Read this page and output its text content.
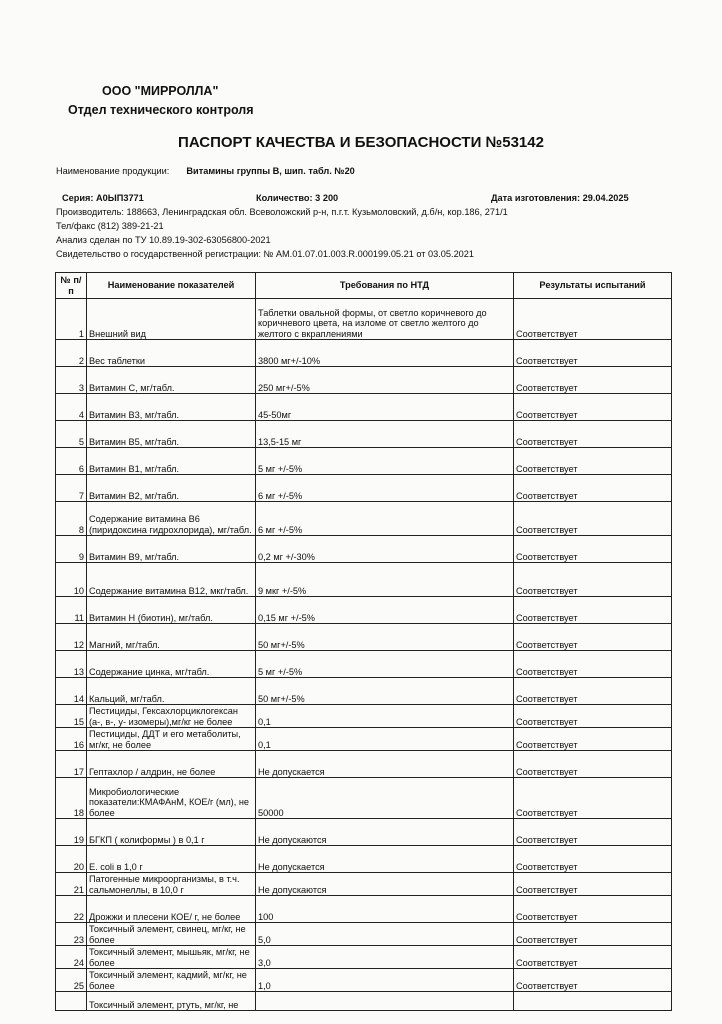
ООО "МИРРОЛЛА"
Отдел технического контроля
ПАСПОРТ КАЧЕСТВА И БЕЗОПАСНОСТИ №53142
Наименование продукции: Витамины группы В, шип. табл. №20
Серия: А0ЫП3771	Количество: 3 200	Дата изготовления: 29.04.2025
Производитель: 188663, Ленинградская обл. Всеволожский р-н, п.г.т. Кузьмоловский, д.б/н, кор.186, 271/1
Тел/факс (812) 389-21-21
Анализ сделан по ТУ 10.89.19-302-63056800-2021
Свидетельство о государственной регистрации: № AM.01.07.01.003.R.000199.05.21 от 03.05.2021
№ п/п	Наименование показателей	Требования по НТД	Результаты испытаний
1	Внешний вид	Таблетки овальной формы, от светло коричневого до коричневого цвета, на изломе от светло желтого до желтого с вкраплениями	Соответствует
2	Вес таблетки	3800 мг+/-10%	Соответствует
3	Витамин С, мг/табл.	250 мг+/-5%	Соответствует
4	Витамин В3, мг/табл.	45-50мг	Соответствует
5	Витамин В5, мг/табл.	13,5-15 мг	Соответствует
6	Витамин В1, мг/табл.	5 мг +/-5%	Соответствует
7	Витамин В2, мг/табл.	6 мг +/-5%	Соответствует
8	Содержание витамина В6 (пиридоксина гидрохлорида), мг/табл.	6 мг +/-5%	Соответствует
9	Витамин В9, мг/табл.	0,2 мг +/-30%	Соответствует
10	Содержание витамина В12, мкг/табл.	9 мкг +/-5%	Соответствует
11	Витамин Н (биотин), мг/табл.	0,15 мг +/-5%	Соответствует
12	Магний, мг/табл.	50 мг+/-5%	Соответствует
13	Содержание цинка, мг/табл.	5 мг +/-5%	Соответствует
14	Кальций, мг/табл.	50 мг+/-5%	Соответствует
15	Пестициды, Гексахлорциклогексан (а-, в-, у- изомеры),мг/кг не более	0,1	Соответствует
16	Пестициды, ДДТ и его метаболиты, мг/кг, не более	0,1	Соответствует
17	Гептахлор / алдрин, не более	Не допускается	Соответствует
18	Микробиологические показатели:КМАФАнМ, КОЕ/г (мл), не более	50000	Соответствует
19	БГКП ( колиформы ) в 0,1 г	Не допускаются	Соответствует
20	E. coli в 1,0 г	Не допускается	Соответствует
21	Патогенные микроорганизмы, в т.ч. сальмонеллы, в 10,0 г	Не допускаются	Соответствует
22	Дрожжи и плесени КОЕ/ г, не более	100	Соответствует
23	Токсичный элемент, свинец, мг/кг, не более	5,0	Соответствует
24	Токсичный элемент, мышьяк, мг/кг, не более	3,0	Соответствует
25	Токсичный элемент, кадмий, мг/кг, не более	1,0	Соответствует
	Токсичный элемент, ртуть, мг/кг, не		
